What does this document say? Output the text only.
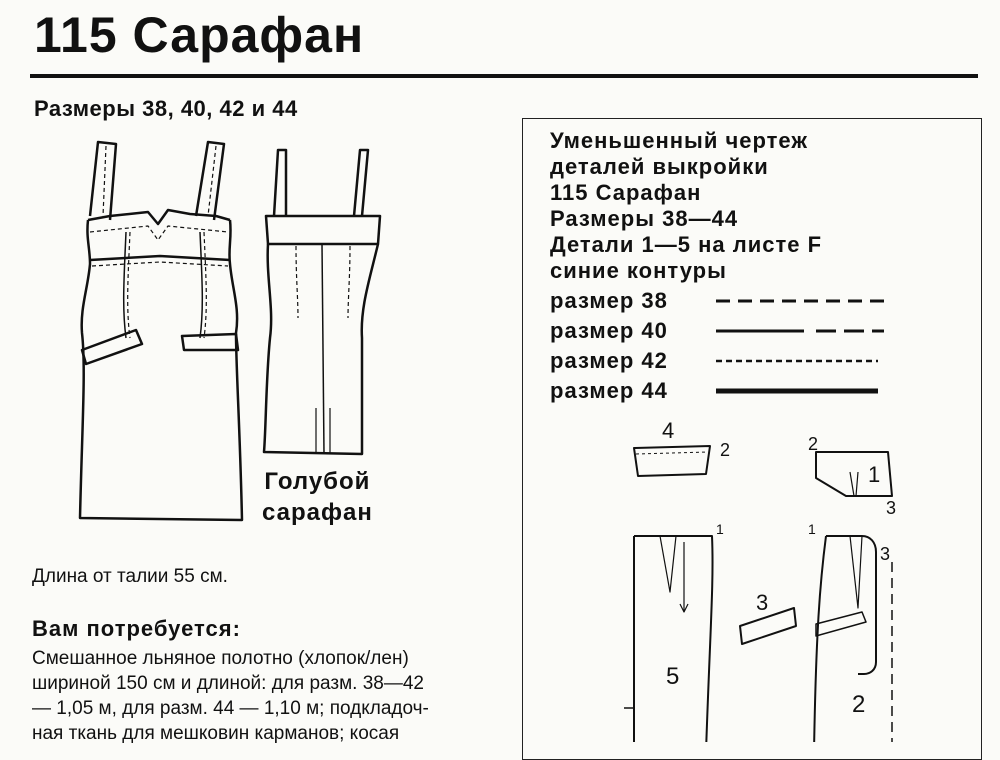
115 Сарафан
Размеры 38, 40, 42 и 44
Голубой
сарафан
Длина от талии 55 см.
Вам потребуется:
Смешанное льняное полотно (хлопок/лен)
шириной 150 см и длиной: для разм. 38—42
— 1,05 м, для разм. 44 — 1,10 м; подкладоч-
ная ткань для мешковин карманов; косая
Уменьшенный чертеж
деталей выкройки
115 Сарафан
Размеры 38—44
Детали 1—5 на листе F
синие контуры
размер 38
размер 40
размер 42
размер 44
4
2	2
1
3
1	1
3
3
5
2
